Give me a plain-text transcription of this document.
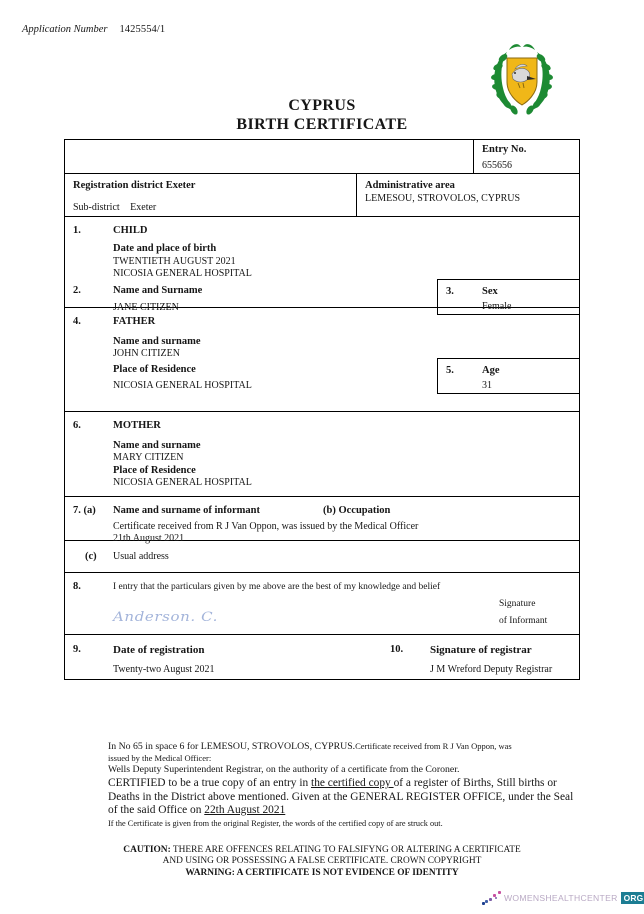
Application Number 1425554/1
CYPRUS
BIRTH CERTIFICATE
Entry No.
655656
Registration district Exeter
Sub-district Exeter
Administrative area
LEMESOU, STROVOLOS, CYPRUS
1.	CHILD
Date and place of birth
TWENTIETH AUGUST 2021
NICOSIA GENERAL HOSPITAL
2.	Name and Surname
JANE CITIZEN
3.	Sex
Female
4.	FATHER
Name and surname
JOHN CITIZEN
Place of Residence
NICOSIA GENERAL HOSPITAL
5.	Age
31
6.	MOTHER
Name and surname
MARY CITIZEN
Place of Residence
NICOSIA GENERAL HOSPITAL
7. (a) Name and surname of informant	(b) Occupation
Certificate received from R J Van Oppon, was issued by the Medical Officer
21th August 2021
(c) Usual address
8.	I entry that the particulars given by me above are the best of my knowledge and belief
Signature
of Informant
Anderson. C.
9.	Date of registration
Twenty-two August 2021
10. Signature of registrar
J M Wreford Deputy Registrar
In No 65 in space 6 for LEMESOU, STROVOLOS, CYPRUS.Certificate received from R J Van Oppon, was
issued by the Medical Officer:
Wells Deputy Superintendent Registrar, on the authority of a certificate from the Coroner.
CERTIFIED to be a true copy of an entry in the certified copy of a register of Births, Still births or Deaths in the District above mentioned. Given at the GENERAL REGISTER OFFICE, under the Seal of the said Office on 22th August 2021
If the Certificate is given from the original Register, the words of the certified copy of are struck out.
CAUTION: THERE ARE OFFENCES RELATING TO FALSIFYNG OR ALTERING A CERTIFICATE
AND USING OR POSSESSING A FALSE CERTIFICATE. CROWN COPYRIGHT
WARNING: A CERTIFICATE IS NOT EVIDENCE OF IDENTITY
WOMENSHEALTHCENTER ORG
